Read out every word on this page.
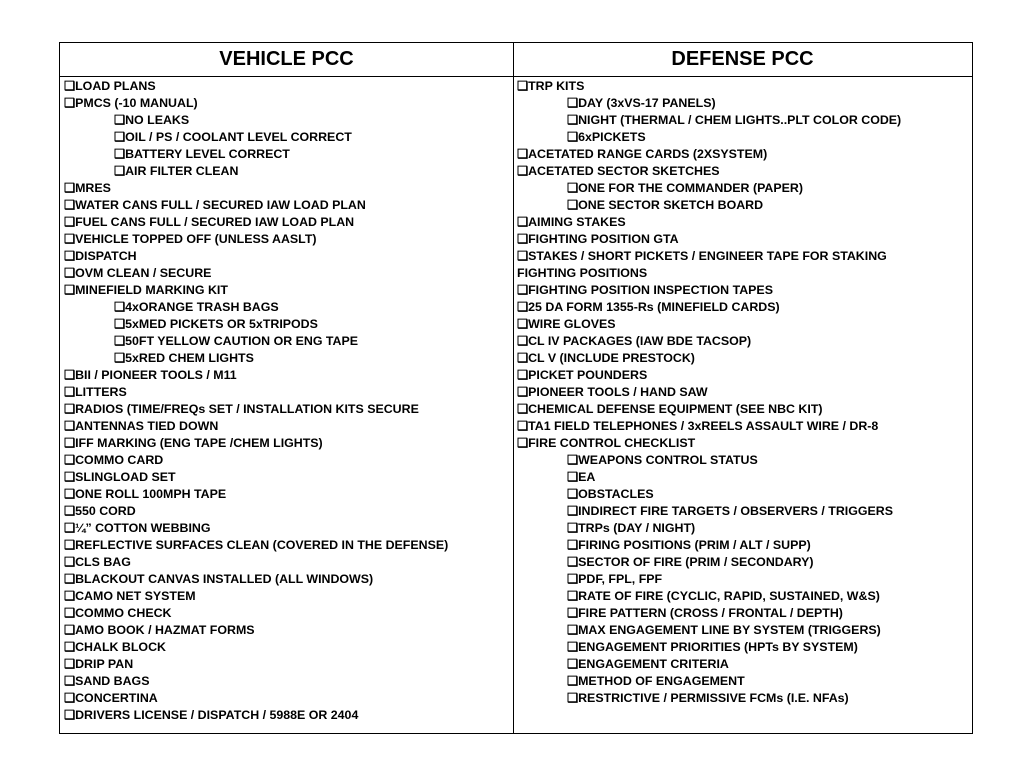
VEHICLE PCC
❑LOAD PLANS
❑PMCS (-10 MANUAL)
❑NO LEAKS
❑OIL / PS / COOLANT LEVEL CORRECT
❑BATTERY LEVEL CORRECT
❑AIR FILTER CLEAN
❑MRES
❑WATER CANS FULL / SECURED IAW LOAD PLAN
❑FUEL CANS FULL / SECURED IAW LOAD PLAN
❑VEHICLE TOPPED OFF (UNLESS AASLT)
❑DISPATCH
❑OVM CLEAN / SECURE
❑MINEFIELD MARKING KIT
❑4xORANGE TRASH BAGS
❑5xMED PICKETS OR 5xTRIPODS
❑50FT YELLOW CAUTION OR ENG TAPE
❑5xRED CHEM LIGHTS
❑BII / PIONEER TOOLS / M11
❑LITTERS
❑RADIOS (TIME/FREQs SET / INSTALLATION KITS SECURE
❑ANTENNAS TIED DOWN
❑IFF MARKING (ENG TAPE /CHEM LIGHTS)
❑COMMO CARD
❑SLINGLOAD SET
❑ONE ROLL 100MPH TAPE
❑550 CORD
❑¼” COTTON WEBBING
❑REFLECTIVE SURFACES CLEAN (COVERED IN THE DEFENSE)
❑CLS BAG
❑BLACKOUT CANVAS INSTALLED (ALL WINDOWS)
❑CAMO NET SYSTEM
❑COMMO CHECK
❑AMO BOOK / HAZMAT FORMS
❑CHALK BLOCK
❑DRIP PAN
❑SAND BAGS
❑CONCERTINA
❑DRIVERS LICENSE / DISPATCH / 5988E OR 2404
DEFENSE PCC
❑TRP KITS
❑DAY (3xVS-17 PANELS)
❑NIGHT (THERMAL / CHEM LIGHTS..PLT COLOR CODE)
❑6xPICKETS
❑ACETATED RANGE CARDS (2XSYSTEM)
❑ACETATED SECTOR SKETCHES
❑ONE FOR THE COMMANDER (PAPER)
❑ONE SECTOR SKETCH BOARD
❑AIMING STAKES
❑FIGHTING POSITION GTA
❑STAKES / SHORT PICKETS / ENGINEER TAPE FOR STAKING FIGHTING POSITIONS
❑FIGHTING POSITION INSPECTION TAPES
❑25 DA FORM 1355-Rs (MINEFIELD CARDS)
❑WIRE GLOVES
❑CL IV PACKAGES (IAW BDE TACSOP)
❑CL V (INCLUDE PRESTOCK)
❑PICKET POUNDERS
❑PIONEER TOOLS / HAND SAW
❑CHEMICAL DEFENSE EQUIPMENT (SEE NBC KIT)
❑TA1 FIELD TELEPHONES / 3xREELS ASSAULT WIRE / DR-8
❑FIRE CONTROL CHECKLIST
❑WEAPONS CONTROL STATUS
❑EA
❑OBSTACLES
❑INDIRECT FIRE TARGETS / OBSERVERS / TRIGGERS
❑TRPs (DAY / NIGHT)
❑FIRING POSITIONS (PRIM / ALT / SUPP)
❑SECTOR OF FIRE (PRIM / SECONDARY)
❑PDF, FPL, FPF
❑RATE OF FIRE (CYCLIC, RAPID, SUSTAINED, W&S)
❑FIRE PATTERN (CROSS / FRONTAL / DEPTH)
❑MAX ENGAGEMENT LINE BY SYSTEM (TRIGGERS)
❑ENGAGEMENT PRIORITIES (HPTs BY SYSTEM)
❑ENGAGEMENT CRITERIA
❑METHOD OF ENGAGEMENT
❑RESTRICTIVE / PERMISSIVE FCMs (I.E. NFAs)
